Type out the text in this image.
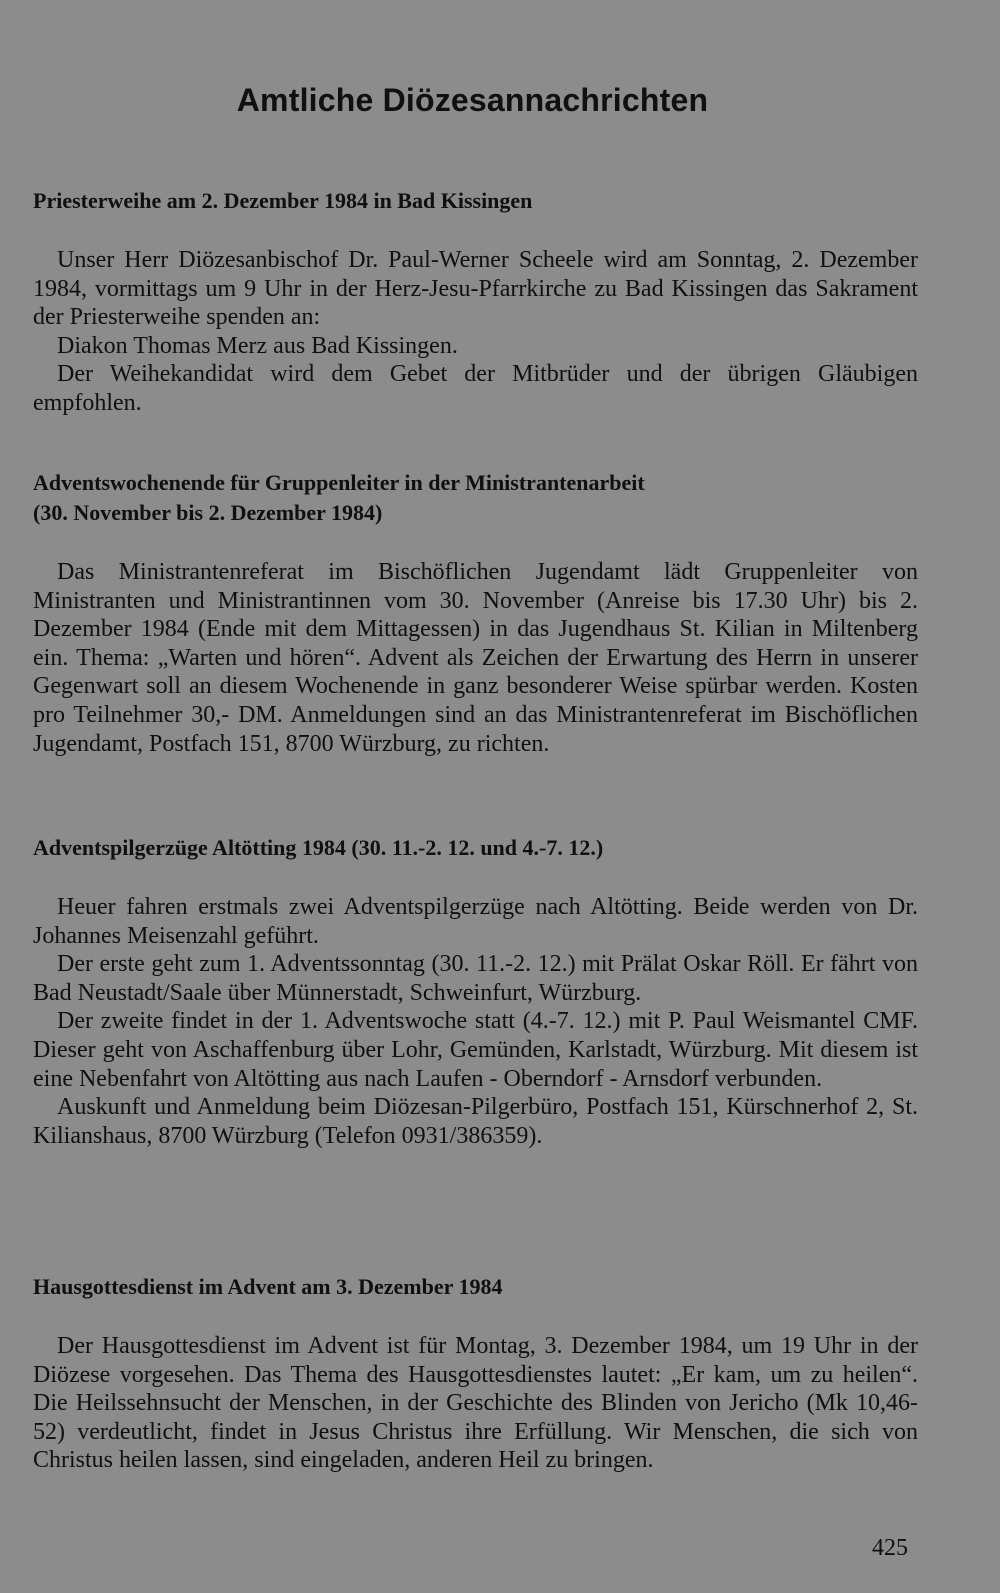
Amtliche Diözesannachrichten
Priesterweihe am 2. Dezember 1984 in Bad Kissingen

Unser Herr Diözesanbischof Dr. Paul-Werner Scheele wird am Sonntag, 2. Dezember 1984, vormittags um 9 Uhr in der Herz-Jesu-Pfarrkirche zu Bad Kissingen das Sakrament der Priesterweihe spenden an:

Diakon Thomas Merz aus Bad Kissingen.

Der Weihekandidat wird dem Gebet der Mitbrüder und der übrigen Gläubigen empfohlen.

Adventswochenende für Gruppenleiter in der Ministrantenarbeit
(30. November bis 2. Dezember 1984)

Das Ministrantenreferat im Bischöflichen Jugendamt lädt Gruppenleiter von Ministranten und Ministrantinnen vom 30. November (Anreise bis 17.30 Uhr) bis 2. Dezember 1984 (Ende mit dem Mittagessen) in das Jugendhaus St. Kilian in Miltenberg ein. Thema: „Warten und hören“. Advent als Zeichen der Erwartung des Herrn in unserer Gegenwart soll an diesem Wochenende in ganz besonderer Weise spürbar werden. Kosten pro Teilnehmer 30,- DM. Anmeldungen sind an das Ministrantenreferat im Bischöflichen Jugendamt, Postfach 151, 8700 Würzburg, zu richten.

Adventspilgerzüge Altötting 1984 (30. 11.-2. 12. und 4.-7. 12.)

Heuer fahren erstmals zwei Adventspilgerzüge nach Altötting. Beide werden von Dr. Johannes Meisenzahl geführt.

Der erste geht zum 1. Adventssonntag (30. 11.-2. 12.) mit Prälat Oskar Röll. Er fährt von Bad Neustadt/Saale über Münnerstadt, Schweinfurt, Würzburg.

Der zweite findet in der 1. Adventswoche statt (4.-7. 12.) mit P. Paul Weismantel CMF. Dieser geht von Aschaffenburg über Lohr, Gemünden, Karlstadt, Würzburg. Mit diesem ist eine Nebenfahrt von Altötting aus nach Laufen - Oberndorf - Arnsdorf verbunden.

Auskunft und Anmeldung beim Diözesan-Pilgerbüro, Postfach 151, Kürschnerhof 2, St. Kilianshaus, 8700 Würzburg (Telefon 0931/386359).

Hausgottesdienst im Advent am 3. Dezember 1984

Der Hausgottesdienst im Advent ist für Montag, 3. Dezember 1984, um 19 Uhr in der Diözese vorgesehen. Das Thema des Hausgottesdienstes lautet: „Er kam, um zu heilen“. Die Heilssehnsucht der Menschen, in der Geschichte des Blinden von Jericho (Mk 10,46-52) verdeutlicht, findet in Jesus Christus ihre Erfüllung. Wir Menschen, die sich von Christus heilen lassen, sind eingeladen, anderen Heil zu bringen.

425
